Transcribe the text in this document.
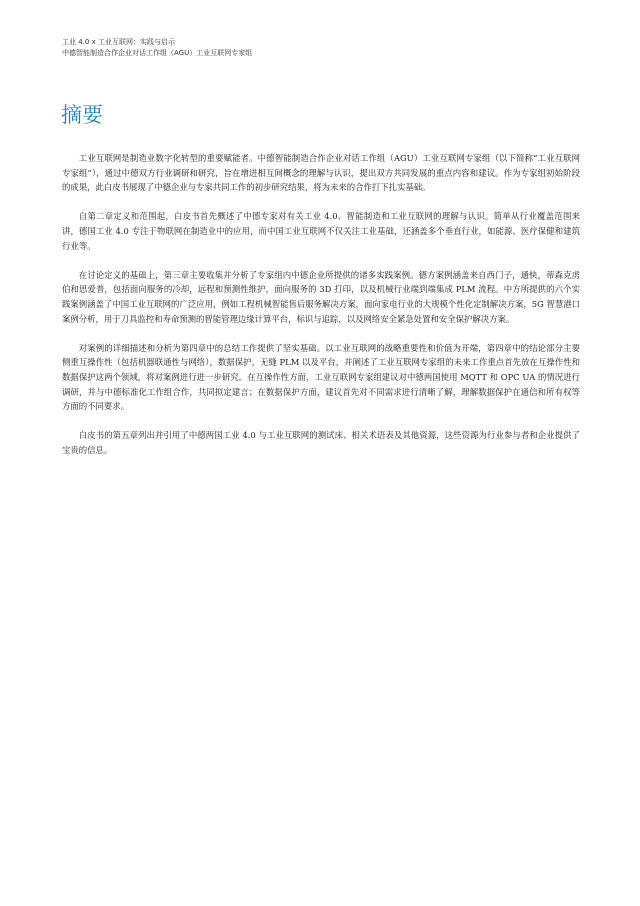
工业 4.0 x 工业互联网：实践与启示
中德智能制造合作企业对话工作组（AGU）工业互联网专家组
摘要

工业互联网是制造业数字化转型的重要赋能者。中德智能制造合作企业对话工作组（AGU）工业互联网专家组（以下简称“工业互联网专家组”），通过中德双方行业调研和研究，旨在增进相互间概念的理解与认识，提出双方共同发展的重点内容和建议。作为专家组初始阶段的成果，此白皮书展现了中德企业与专家共同工作的初步研究结果，将为未来的合作打下扎实基础。

自第二章定义和范围起，白皮书首先概述了中德专家对有关工业 4.0、智能制造和工业互联网的理解与认识。简单从行业覆盖范围来讲，德国工业 4.0 专注于物联网在制造业中的应用，而中国工业互联网不仅关注工业基础，还涵盖多个垂直行业，如能源、医疗保健和建筑行业等。

在讨论定义的基础上，第三章主要收集并分析了专家组内中德企业所提供的诸多实践案例。德方案例涵盖来自西门子，通快，蒂森克虏伯和思爱普，包括面向服务的冷却，远程和预测性维护，面向服务的 3D 打印，以及机械行业端到端集成 PLM 流程。中方所提供的六个实践案例涵盖了中国工业互联网的广泛应用，例如工程机械智能售后服务解决方案，面向家电行业的大规模个性化定制解决方案，5G 智慧港口案例分析，用于刀具监控和寿命预测的智能管理边缘计算平台，标识与追踪，以及网络安全紧急处置和安全保护解决方案。

对案例的详细描述和分析为第四章中的总结工作提供了坚实基础。以工业互联网的战略重要性和价值为开端，第四章中的结论部分主要侧重互操作性（包括机器联通性与网络），数据保护，无缝 PLM 以及平台，并阐述了工业互联网专家组的未来工作重点首先放在互操作性和数据保护这两个领域，将对案例进行进一步研究。在互操作性方面，工业互联网专家组建议对中德两国使用 MQTT 和 OPC UA 的情况进行调研，并与中德标准化工作组合作，共同拟定建言；在数据保护方面，建议首先对不同需求进行清晰了解，理解数据保护在通信和所有权等方面的不同要求。

白皮书的第五章列出并引用了中德两国工业 4.0 与工业互联网的测试床、相关术语表及其他资源，这些资源为行业参与者和企业提供了宝贵的信息。
